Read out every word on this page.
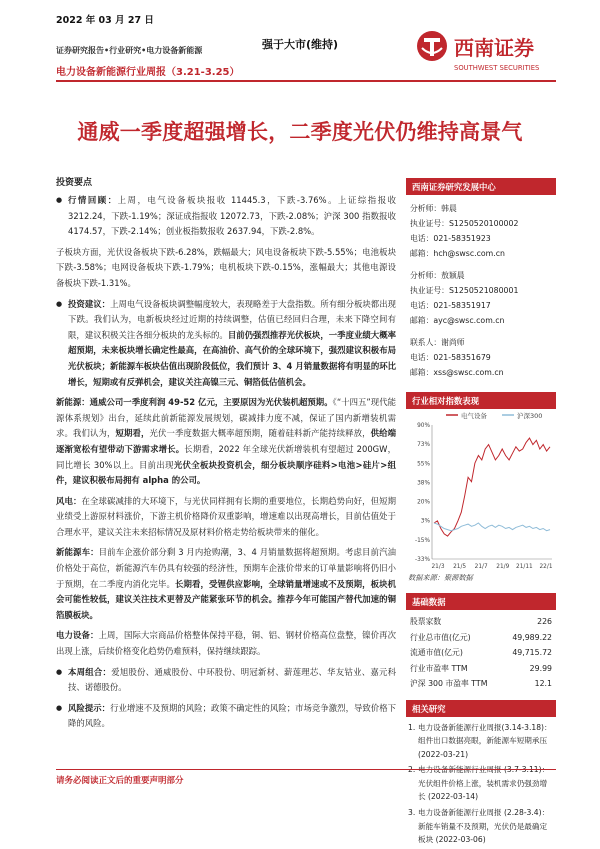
2022 年 03 月 27 日
证券研究报告•行业研究•电力设备新能源
电力设备新能源行业周报（3.21-3.25）
强于大市(维持)	西南证券
SOUTHWEST SECURITIES
通威一季度超强增长，二季度光伏仍维持高景气
投资要点
● 行情回顾：上周，电气设备板块报收 11445.3，下跌-3.76%。上证综指报收 3212.24，下跌-1.19%；深证成指报收 12072.73，下跌-2.08%；沪深 300 指数报收 4174.57，下跌-2.14%；创业板指数报收 2637.94，下跌-2.8%。
子板块方面，光伏设备板块下跌-6.28%，跌幅最大；风电设备板块下跌-5.55%；电池板块下跌-3.58%；电网设备板块下跌-1.79%；电机板块下跌-0.15%，涨幅最大；其他电源设备板块下跌-1.31%。
● 投资建议：上周电气设备板块调整幅度较大，表现略差于大盘指数。所有细分板块都出现下跌。我们认为，电新板块经过近期的持续调整，估值已经回归合理，未来下降空间有限，建议积极关注各细分板块的龙头标的。目前仍强烈推荐光伏板块，一季度业绩大概率超预期，未来板块增长确定性最高，在高油价、高气价的全球环境下，强烈建议积极布局光伏板块；新能源车板块估值出现阶段低位，我们预计 3、4 月销量数据将有明显的环比增长，短期或有反弹机会，建议关注高镍三元、铜箔低估值机会。
新能源：通威公司一季度利润 49-52 亿元，主要原因为光伏装机超预期。《“十四五”现代能源体系规划》出台，延续此前新能源发展规划，碳减排力度不减，保证了国内新增装机需求。我们认为，短期看，光伏一季度数据大概率超预期，随着硅料新产能持续释放，供给端逐渐宽松有望带动下游需求增长。长期看，2022 年全球光伏新增装机有望超过 200GW，同比增长 30%以上。目前出现光伏全板块投资机会，细分板块顺序硅料>电池>硅片>组件，建议积极布局拥有 alpha 的公司。
风电：在全球碳减排的大环境下，与光伏同样拥有长期的重要地位，长期趋势向好，但短期业绩受上游原材料涨价，下游主机价格降价双重影响，增速难以出现高增长，目前估值处于合理水平，建议关注未来招标情况及原材料价格走势给板块带来的催化。
新能源车：目前车企涨价部分剩 3 月内抢购潮，3、4 月销量数据将超预期。考虑目前汽油价格处于高位，新能源汽车仍具有较强的经济性，预期车企涨价带来的订单量影响将仍旧小于预期，在二季度内消化完毕。长期看，受锂供应影响，全球销量增速或不及预期，板块机会可能性较低，建议关注技术更替及产能紧张环节的机会。推荐今年可能国产替代加速的铜箔膜板块。
电力设备：上周，国际大宗商品价格整体保持平稳，铜、铝、钢材价格高位盘整，镍价再次出现上涨，后续价格变化趋势仍难预料，保持继续跟踪。
● 本周组合：爱旭股份、通威股份、中环股份、明冠新材、薪莲理芯、华友钴业、嘉元科技、诺德股份。
● 风险提示：行业增速不及预期的风险；政策不确定性的风险；市场竞争激烈，导致价格下降的风险。
西南证券研究发展中心
分析师：韩晨
执业证号：S1250520100002
电话：021-58351923
邮箱：hch@swsc.com.cn
分析师：敖颖晨
执业证号：S1250521080001
电话：021-58351917
邮箱：ayc@swsc.com.cn
联系人：谢尚师
电话：021-58351679
邮箱：xss@swsc.com.cn
行业相对指数表现
电气设备	沪深300
90%
73%
55%
38%
20%
3%
-15%
-33%
21/3 21/5 21/7 21/9 21/11 22/1
数据来源：聚源数据
基础数据
股票家数	226
行业总市值(亿元)	49,989.22
流通市值(亿元)	49,715.72
行业市盈率 TTM	29.99
沪深 300 市盈率 TTM	12.1
相关研究
1. 电力设备新能源行业周报(3.14-3.18)：组件出口数据亮眼，新能源车短期承压 (2022-03-21)
光伏组件价格上涨，装机需求仍强劲增长 (2022-03-14)
3. 电力设备新能源行业周报 (2.28-3.4)：新能车销量不及预期，光伏仍是最确定板块 (2022-03-06)
请务必阅读正文后的重要声明部分
